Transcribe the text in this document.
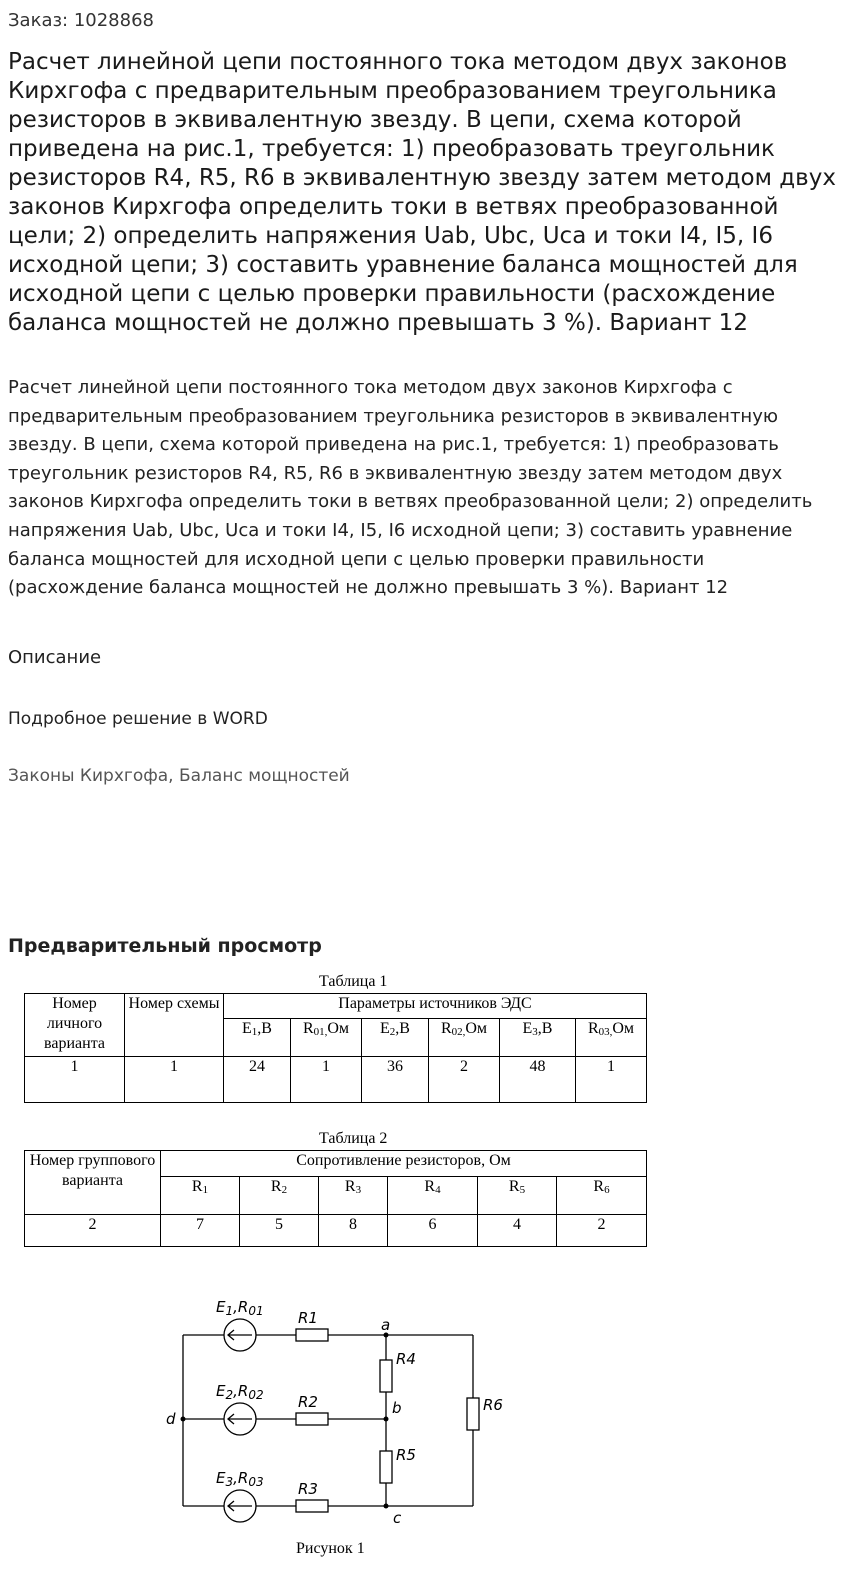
Заказ: 1028868
Расчет линейной цепи постоянного тока методом двух законов Кирхгофа с предварительным преобразованием треугольника резисторов в эквивалентную звезду. В цепи, схема которой приведена на рис.1, требуется: 1) преобразовать треугольник резисторов R4, R5, R6 в эквивалентную звезду затем методом двух законов Кирхгофа определить токи в ветвях преобразованной цели; 2) определить напряжения Uab, Ubc, Uca и токи I4, I5, I6 исходной цепи; 3) составить уравнение баланса мощностей для исходной цепи с целью проверки правильности (расхождение баланса мощностей не должно превышать 3 %). Вариант 12

Расчет линейной цепи постоянного тока методом двух законов Кирхгофа с предварительным преобразованием треугольника резисторов в эквивалентную звезду. В цепи, схема которой приведена на рис.1, требуется: 1) преобразовать треугольник резисторов R4, R5, R6 в эквивалентную звезду затем методом двух законов Кирхгофа определить токи в ветвях преобразованной цели; 2) определить напряжения Uab, Ubc, Uca и токи I4, I5, I6 исходной цепи; 3) составить уравнение баланса мощностей для исходной цепи с целью проверки правильности (расхождение баланса мощностей не должно превышать 3 %). Вариант 12

Описание
Подробное решение в WORD
Законы Кирхгофа, Баланс мощностей
Предварительный просмотр
Таблица 1
Номер личного варианта	Номер схемы	Параметры источников ЭДС					
		$E_1,В$	$R_{01,}Ом$	$E_2,В$	$R_{02,}Ом$	$E_3,В$	$R_{03,}Ом$
1	1	24	1	36	2	48	1
Таблица 2
Номер группового варианта	Сопротивление резисторов, Ом					
	$R_1$	$R_2$	$R_3$	$R_4$	$R_5$	$R_6$
2	7	5	8	6	4	2
$E_1,R_{01}$
$E_2,R_{02}$
$E_3,R_{03}$
R1
R2
R3
R4
R5
R6
a
b
c
d
Рисунок 1
